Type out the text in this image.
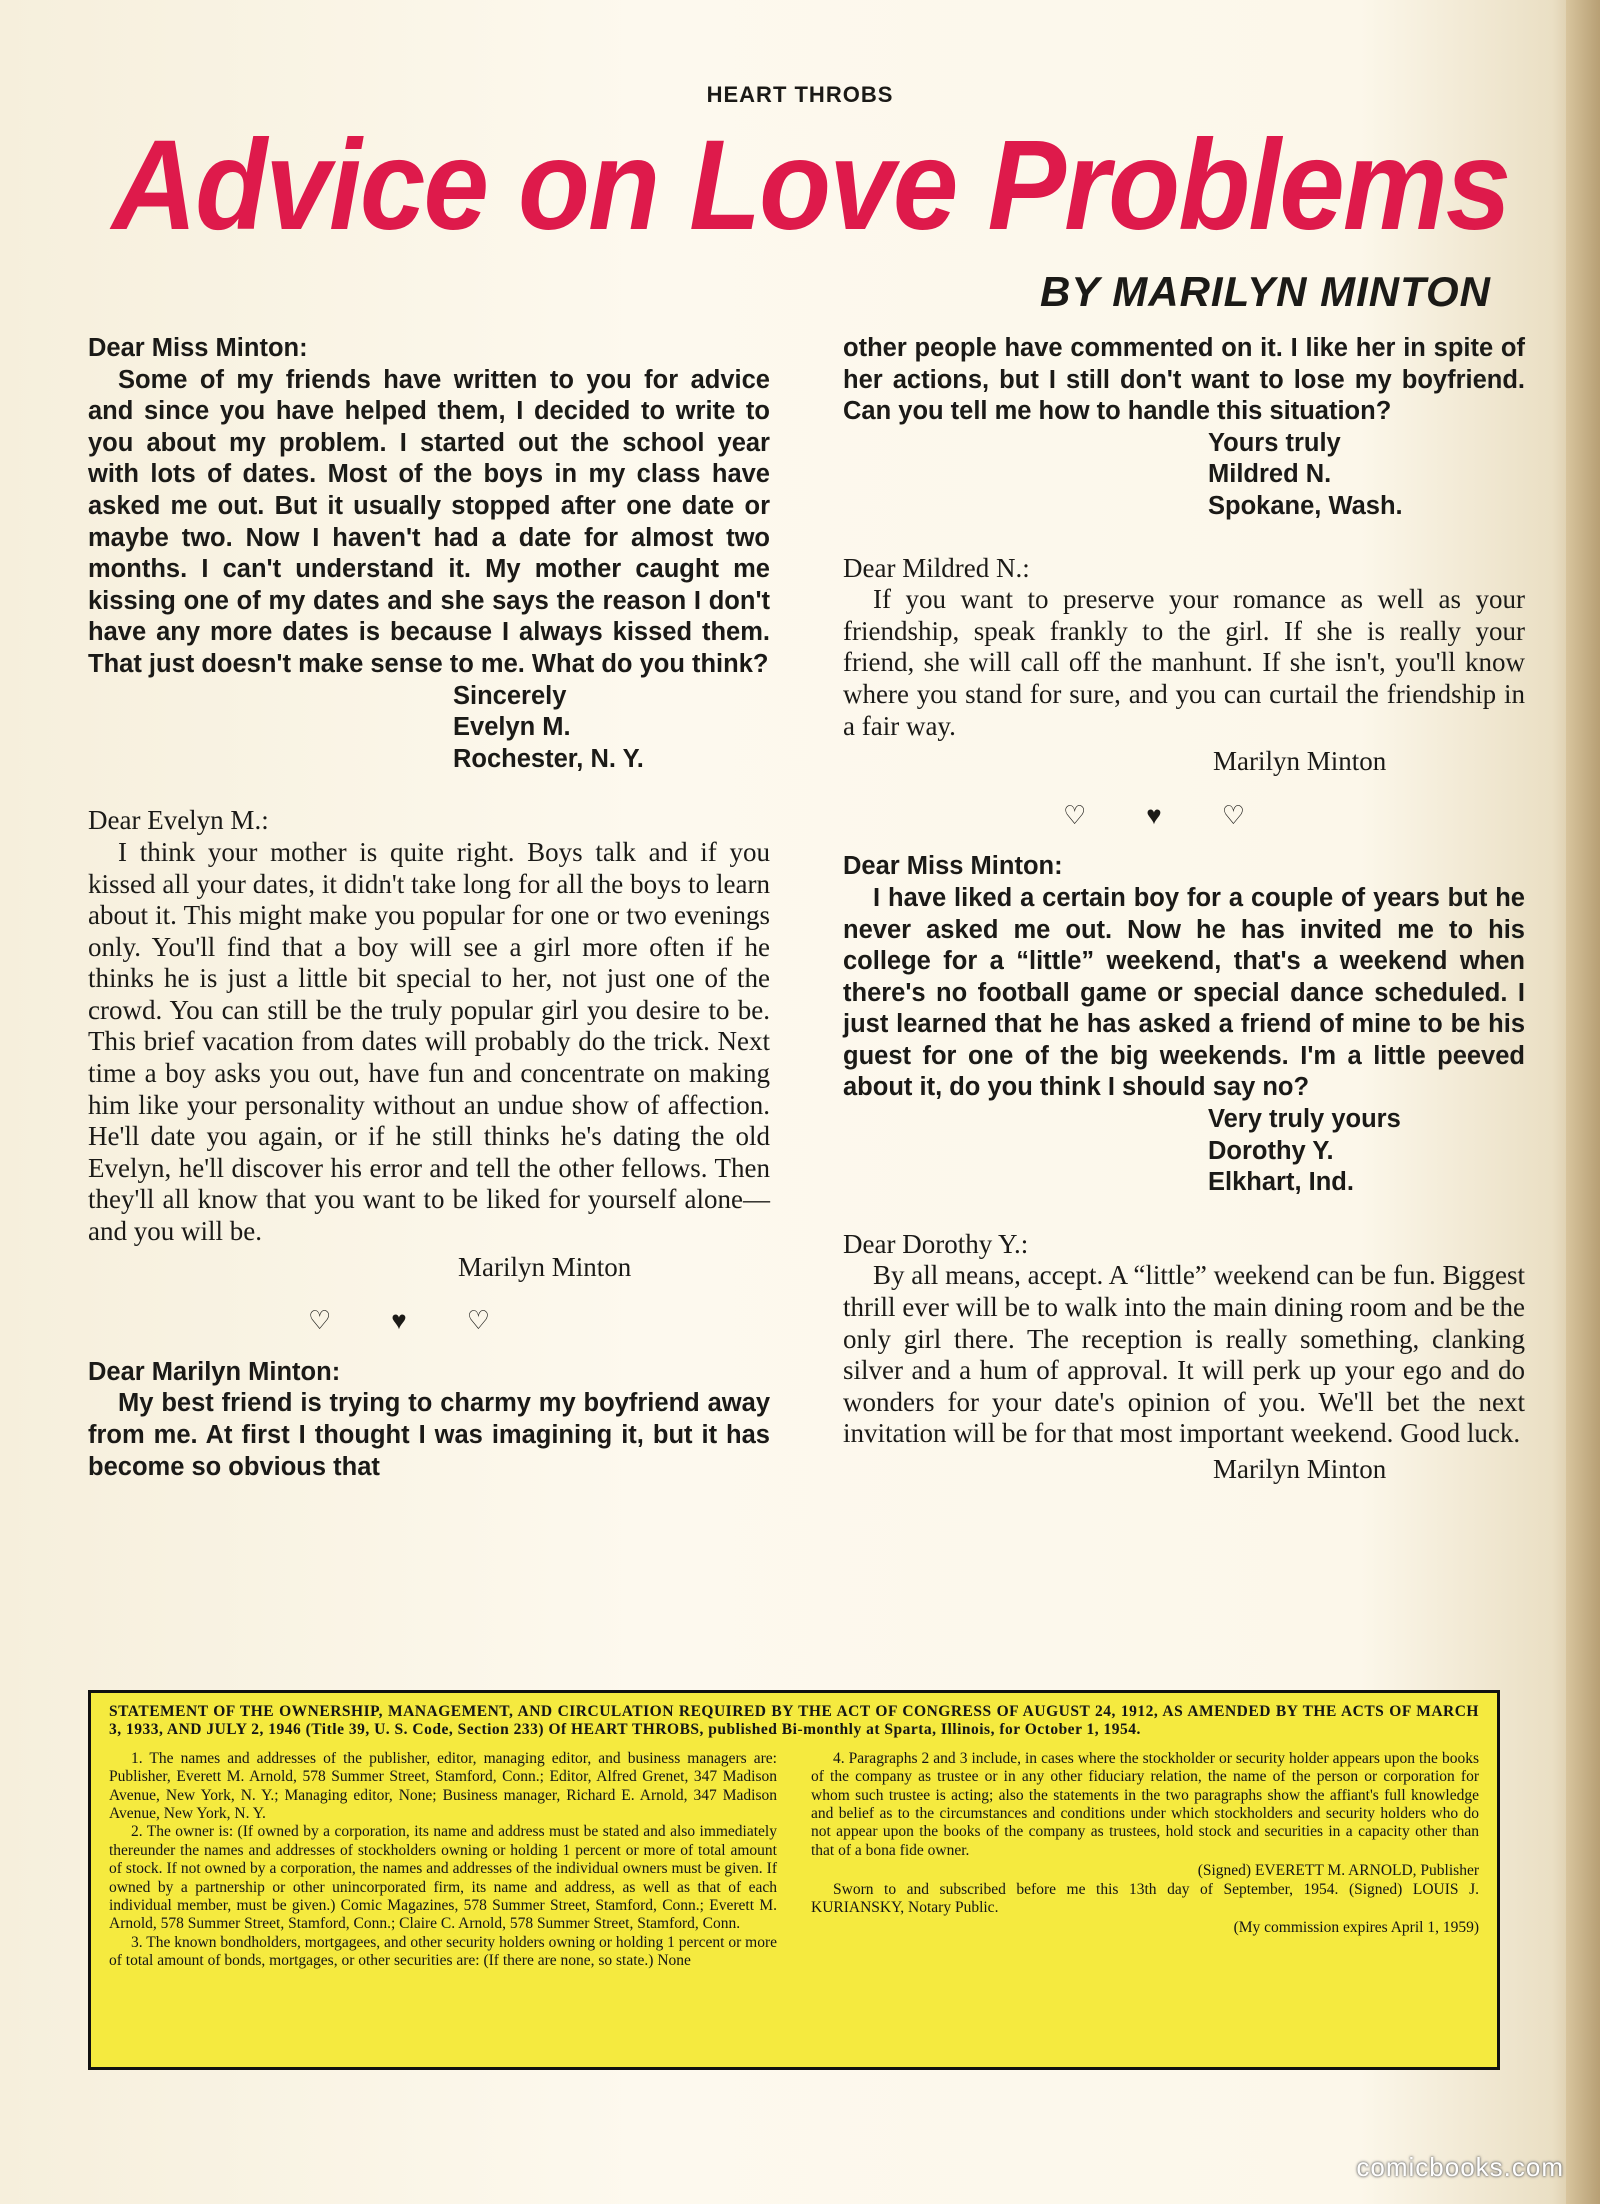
HEART THROBS
Advice on Love Problems
BY MARILYN MINTON

Dear Miss Minton:

Some of my friends have written to you for advice and since you have helped them, I decided to write to you about my problem. I started out the school year with lots of dates. Most of the boys in my class have asked me out. But it usually stopped after one date or maybe two. Now I haven't had a date for almost two months. I can't understand it. My mother caught me kissing one of my dates and she says the reason I don't have any more dates is because I always kissed them. That just doesn't make sense to me. What do you think?

Sincerely
Evelyn M.
Rochester, N. Y.

Dear Evelyn M.:

I think your mother is quite right. Boys talk and if you kissed all your dates, it didn't take long for all the boys to learn about it. This might make you popular for one or two evenings only. You'll find that a boy will see a girl more often if he thinks he is just a little bit special to her, not just one of the crowd. You can still be the truly popular girl you desire to be. This brief vacation from dates will probably do the trick. Next time a boy asks you out, have fun and concentrate on making him like your personality without an undue show of affection. He'll date you again, or if he still thinks he's dating the old Evelyn, he'll discover his error and tell the other fellows. Then they'll all know that you want to be liked for yourself alone—and you will be.

Marilyn Minton
♡♥♡

Dear Marilyn Minton:

My best friend is trying to charmy my boyfriend away from me. At first I thought I was imagining it, but it has become so obvious that

other people have commented on it. I like her in spite of her actions, but I still don't want to lose my boyfriend. Can you tell me how to handle this situation?

Yours truly
Mildred N.
Spokane, Wash.

Dear Mildred N.:

If you want to preserve your romance as well as your friendship, speak frankly to the girl. If she is really your friend, she will call off the manhunt. If she isn't, you'll know where you stand for sure, and you can curtail the friendship in a fair way.

Marilyn Minton
♡♥♡

Dear Miss Minton:

I have liked a certain boy for a couple of years but he never asked me out. Now he has invited me to his college for a “little” weekend, that's a weekend when there's no football game or special dance scheduled. I just learned that he has asked a friend of mine to be his guest for one of the big weekends. I'm a little peeved about it, do you think I should say no?

Very truly yours
Dorothy Y.
Elkhart, Ind.

Dear Dorothy Y.:

By all means, accept. A “little” weekend can be fun. Biggest thrill ever will be to walk into the main dining room and be the only girl there. The reception is really something, clanking silver and a hum of approval. It will perk up your ego and do wonders for your date's opinion of you. We'll bet the next invitation will be for that most important weekend. Good luck.

Marilyn Minton
STATEMENT OF THE OWNERSHIP, MANAGEMENT, AND CIRCULATION REQUIRED BY THE ACT OF CONGRESS OF AUGUST 24, 1912, AS AMENDED BY THE ACTS OF MARCH 3, 1933, AND JULY 2, 1946 (Title 39, U. S. Code, Section 233) Of HEART THROBS, published Bi-monthly at Sparta, Illinois, for October 1, 1954.

1. The names and addresses of the publisher, editor, managing editor, and business managers are: Publisher, Everett M. Arnold, 578 Summer Street, Stamford, Conn.; Editor, Alfred Grenet, 347 Madison Avenue, New York, N. Y.; Managing editor, None; Business manager, Richard E. Arnold, 347 Madison Avenue, New York, N. Y.

2. The owner is: (If owned by a corporation, its name and address must be stated and also immediately thereunder the names and addresses of stockholders owning or holding 1 percent or more of total amount of stock. If not owned by a corporation, the names and addresses of the individual owners must be given. If owned by a partnership or other unincorporated firm, its name and address, as well as that of each individual member, must be given.) Comic Magazines, 578 Summer Street, Stamford, Conn.; Everett M. Arnold, 578 Summer Street, Stamford, Conn.; Claire C. Arnold, 578 Summer Street, Stamford, Conn.

3. The known bondholders, mortgagees, and other security holders owning or holding 1 percent or more of total amount of bonds, mortgages, or other securities are: (If there are none, so state.) None

4. Paragraphs 2 and 3 include, in cases where the stockholder or security holder appears upon the books of the company as trustee or in any other fiduciary relation, the name of the person or corporation for whom such trustee is acting; also the statements in the two paragraphs show the affiant's full knowledge and belief as to the circumstances and conditions under which stockholders and security holders who do not appear upon the books of the company as trustees, hold stock and securities in a capacity other than that of a bona fide owner.

(Signed) EVERETT M. ARNOLD, Publisher

Sworn to and subscribed before me this 13th day of September, 1954. (Signed) LOUIS J. KURIANSKY, Notary Public.

(My commission expires April 1, 1959)
comicbooks.com
